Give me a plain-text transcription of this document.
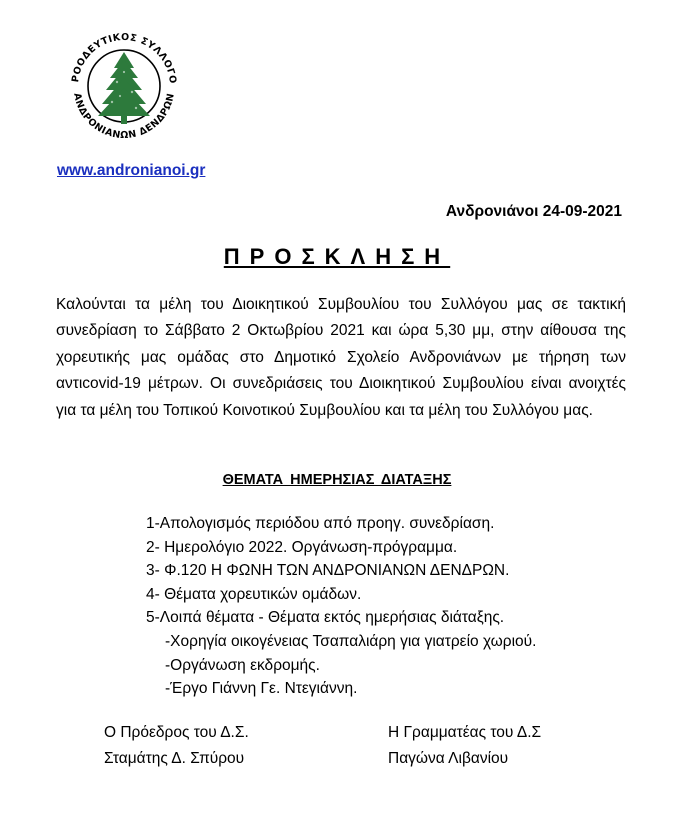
ΡΟΟΔΕΥΤΙΚΟΣ ΣΥΛΛΟΓΟ
ΑΝΔΡΟΝΙΑΝΩΝ ΔΕΝΔΡΩΝ
www.andronianoi.gr
Ανδρονιάνοι 24-09-2021
ΠΡΟΣΚΛΗΣΗ
Καλούνται τα μέλη του Διοικητικού Συμβουλίου του Συλλόγου μας σε τακτική συνεδρίαση το Σάββατο 2 Οκτωβρίου 2021 και ώρα 5,30 μμ, στην αίθουσα της χορευτικής μας ομάδας στο Δημοτικό Σχολείο Ανδρονιάνων με τήρηση των αντιcovid-19 μέτρων. Οι συνεδριάσεις του Διοικητικού Συμβουλίου είναι ανοιχτές για τα μέλη του Τοπικού Κοινοτικού Συμβουλίου και τα μέλη του Συλλόγου μας.
ΘΕΜΑΤΑ ΗΜΕΡΗΣΙΑΣ ΔΙΑΤΑΞΗΣ
1-Απολογισμός περιόδου από προηγ. συνεδρίαση.
2- Ημερολόγιο 2022. Οργάνωση-πρόγραμμα.
3- Φ.120 Η ΦΩΝΗ ΤΩΝ ΑΝΔΡΟΝΙΑΝΩΝ ΔΕΝΔΡΩΝ.
4- Θέματα χορευτικών ομάδων.
5-Λοιπά θέματα - Θέματα εκτός ημερήσιας διάταξης.
-Χορηγία οικογένειας Τσαπαλιάρη για γιατρείο χωριού.
-Οργάνωση εκδρομής.
-Έργο Γιάννη Γε. Ντεγιάννη.
Ο Πρόεδρος του Δ.Σ.
Σταμάτης Δ. Σπύρου
Η Γραμματέας του Δ.Σ
Παγώνα Λιβανίου
